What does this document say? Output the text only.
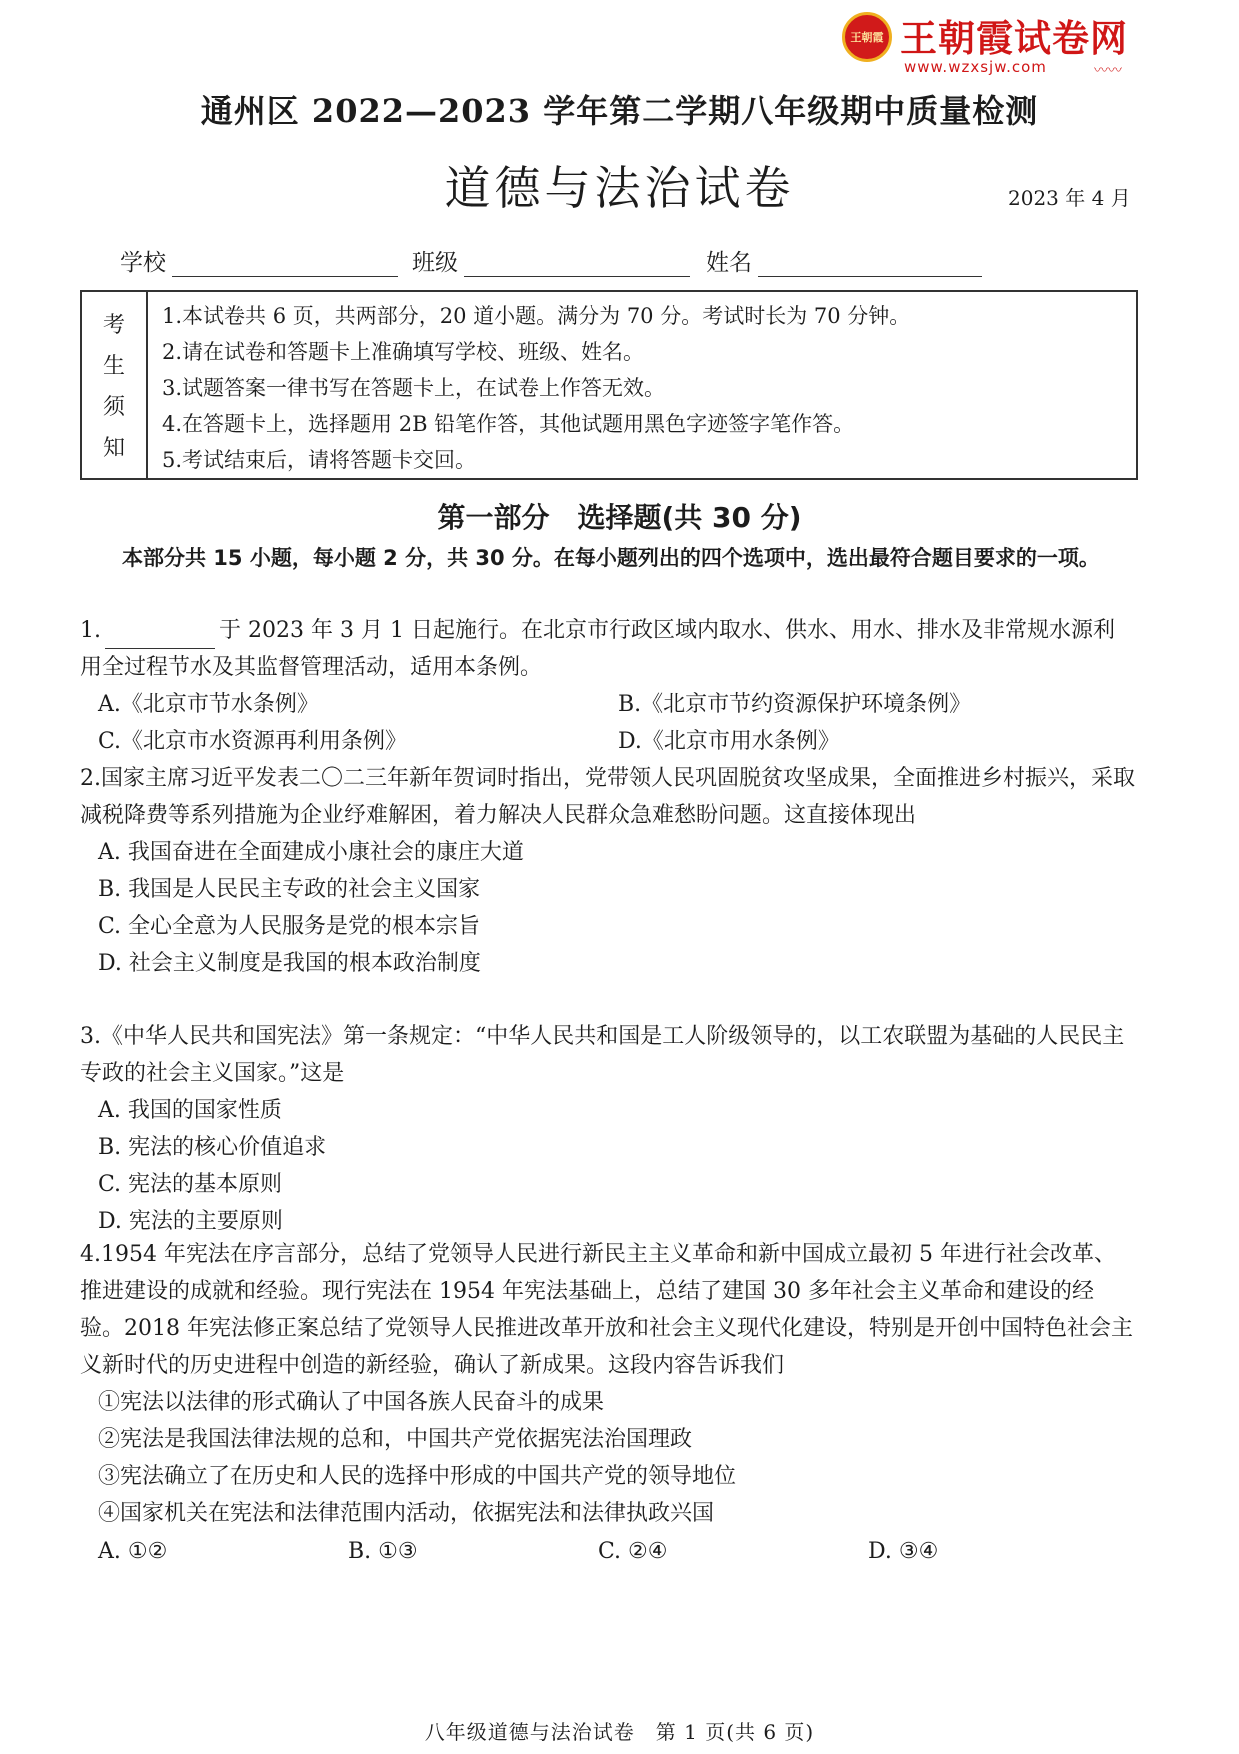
王朝霞 王朝霞试卷网
www.wzxsjw.com	〰〰
通州区 2022—2023 学年第二学期八年级期中质量检测
道德与法治试卷	2023 年 4 月
学校	班级	姓名
考
生
须
知
1.本试卷共 6 页，共两部分，20 道小题。满分为 70 分。考试时长为 70 分钟。
2.请在试卷和答题卡上准确填写学校、班级、姓名。
3.试题答案一律书写在答题卡上，在试卷上作答无效。
4.在答题卡上，选择题用 2B 铅笔作答，其他试题用黑色字迹签字笔作答。
5.考试结束后，请将答题卡交回。
第一部分　选择题(共 30 分)
本部分共 15 小题，每小题 2 分，共 30 分。在每小题列出的四个选项中，选出最符合题目要求的一项。
1.	于 2023 年 3 月 1 日起施行。在北京市行政区域内取水、供水、用水、排水及非常规水源利用全过程节水及其监督管理活动，适用本条例。
A.《北京市节水条例》	B.《北京市节约资源保护环境条例》
C.《北京市水资源再利用条例》	D.《北京市用水条例》
2.国家主席习近平发表二〇二三年新年贺词时指出，党带领人民巩固脱贫攻坚成果，全面推进乡村振兴，采取减税降费等系列措施为企业纾难解困，着力解决人民群众急难愁盼问题。这直接体现出
A. 我国奋进在全面建成小康社会的康庄大道
B. 我国是人民民主专政的社会主义国家
C. 全心全意为人民服务是党的根本宗旨
D. 社会主义制度是我国的根本政治制度
3.《中华人民共和国宪法》第一条规定：“中华人民共和国是工人阶级领导的，以工农联盟为基础的人民民主专政的社会主义国家。”这是
A. 我国的国家性质
B. 宪法的核心价值追求
C. 宪法的基本原则
D. 宪法的主要原则
4.1954 年宪法在序言部分，总结了党领导人民进行新民主主义革命和新中国成立最初 5 年进行社会改革、推进建设的成就和经验。现行宪法在 1954 年宪法基础上，总结了建国 30 多年社会主义革命和建设的经验。2018 年宪法修正案总结了党领导人民推进改革开放和社会主义现代化建设，特别是开创中国特色社会主义新时代的历史进程中创造的新经验，确认了新成果。这段内容告诉我们
①宪法以法律的形式确认了中国各族人民奋斗的成果
②宪法是我国法律法规的总和，中国共产党依据宪法治国理政
③宪法确立了在历史和人民的选择中形成的中国共产党的领导地位
④国家机关在宪法和法律范围内活动，依据宪法和法律执政兴国
A. ①②	B. ①③	C. ②④	D. ③④
八年级道德与法治试卷　第 1 页(共 6 页)
